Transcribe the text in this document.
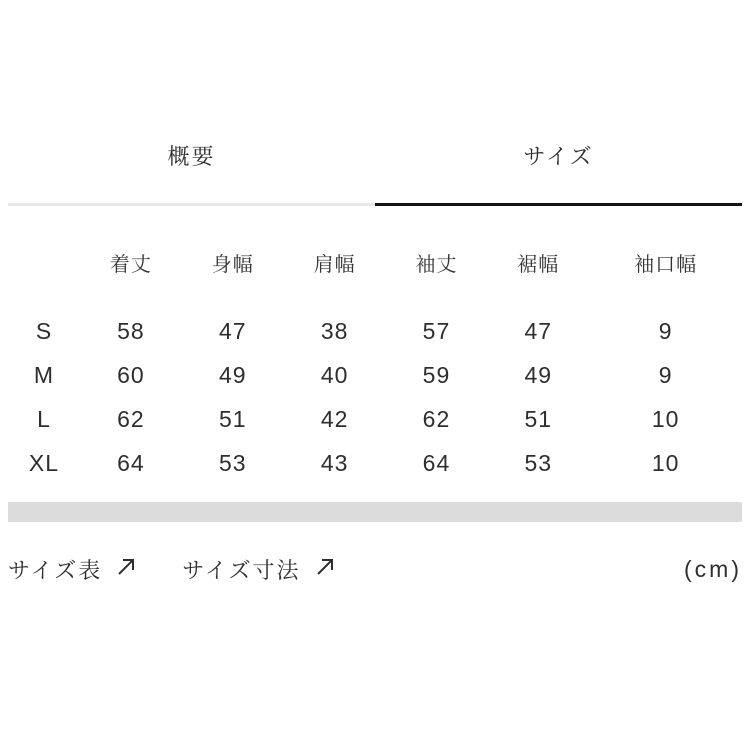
概要	サイズ
	着丈	身幅	肩幅	袖丈	裾幅	袖口幅
S	58	47	38	57	47	9
M	60	49	40	59	49	9
L	62	51	42	62	51	10
XL	64	53	43	64	53	10
サイズ表	サイズ寸法	(cm)
